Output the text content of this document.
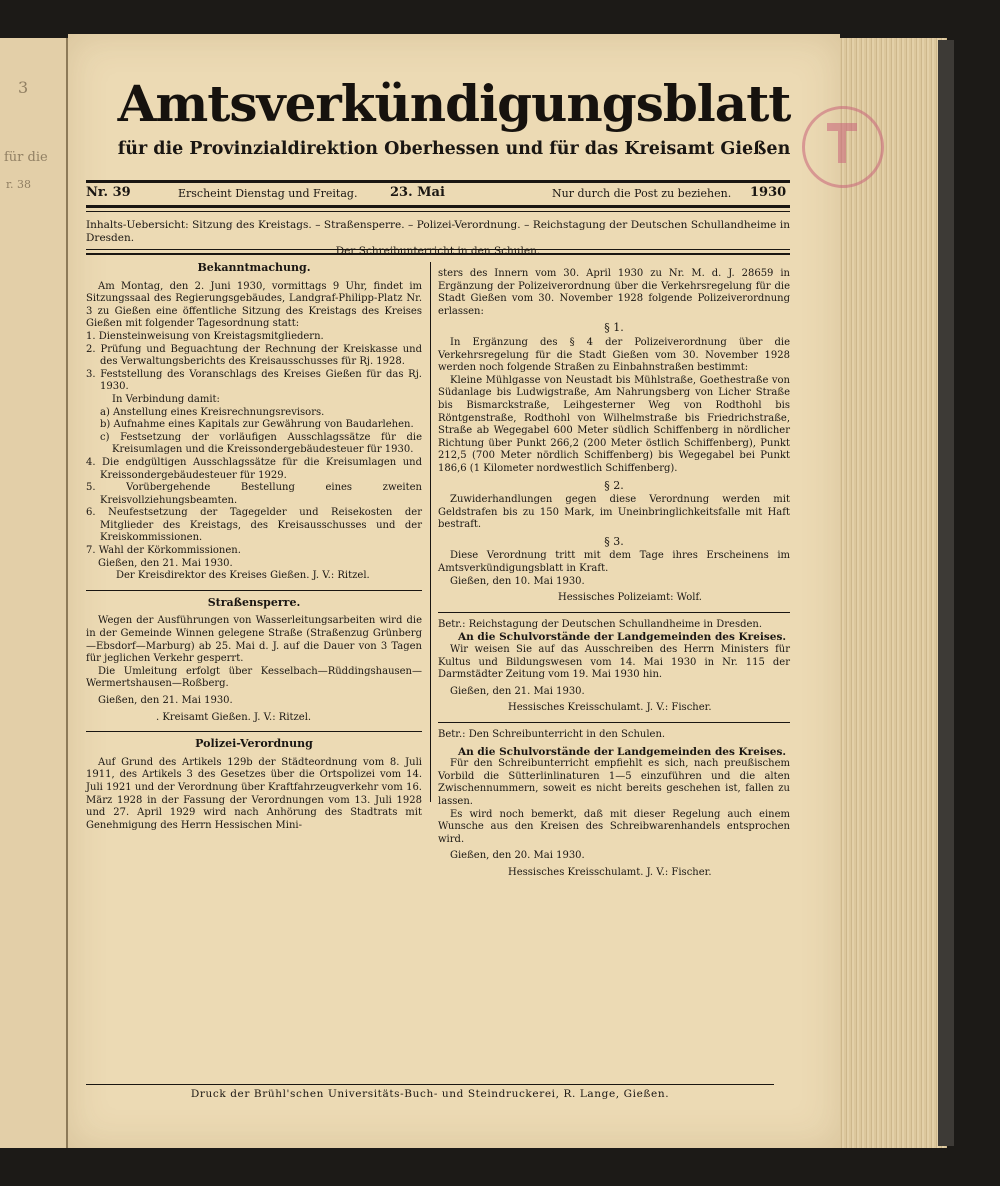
3
für die
r. 38
Amtsverkündigungsblatt
für die Provinzialdirektion Oberhessen und für das Kreisamt Gießen
Nr. 39	Erscheint Dienstag und Freitag.	23. Mai	Nur durch die Post zu beziehen. 1930
Inhalts-Uebersicht: Sitzung des Kreistags. – Straßensperre. – Polizei-Verordnung. – Reichstagung der Deutschen Schullandheime in Dresden.
Der Schreibunterricht in den Schulen.

Bekanntmachung.

Am Montag, den 2. Juni 1930, vormittags 9 Uhr, findet im Sitzungssaal des Regierungsgebäudes, Landgraf-Philipp-Platz Nr. 3 zu Gießen eine öffentliche Sitzung des Kreistags des Kreises Gießen mit folgender Tagesordnung statt:

1. Diensteinweisung von Kreistagsmitgliedern.

2. Prüfung und Beguachtung der Rechnung der Kreiskasse und des Verwaltungsberichts des Kreisausschusses für Rj. 1928.

3. Feststellung des Voranschlags des Kreises Gießen für das Rj. 1930.

In Verbindung damit:

a) Anstellung eines Kreisrechnungsrevisors.

b) Aufnahme eines Kapitals zur Gewährung von Baudarlehen.

c) Festsetzung der vorläufigen Ausschlagssätze für die Kreisumlagen und die Kreissondergebäudesteuer für 1930.

4. Die endgültigen Ausschlagssätze für die Kreisumlagen und Kreissondergebäudesteuer für 1929.

5. Vorübergehende Bestellung eines zweiten Kreisvollziehungsbeamten.

6. Neufestsetzung der Tagegelder und Reisekosten der Mitglieder des Kreistags, des Kreisausschusses und der Kreiskommissionen.

7. Wahl der Körkommissionen.

Gießen, den 21. Mai 1930.

Der Kreisdirektor des Kreises Gießen. J. V.: Ritzel.

Straßensperre.

Wegen der Ausführungen von Wasserleitungsarbeiten wird die in der Gemeinde Winnen gelegene Straße (Straßenzug Grünberg—Ebsdorf—Marburg) ab 25. Mai d. J. auf die Dauer von 3 Tagen für jeglichen Verkehr gesperrt.

Die Umleitung erfolgt über Kesselbach—Rüddingshausen—Wermertshausen—Roßberg.

Gießen, den 21. Mai 1930.

. Kreisamt Gießen. J. V.: Ritzel.

Polizei-Verordnung

Auf Grund des Artikels 129b der Städteordnung vom 8. Juli 1911, des Artikels 3 des Gesetzes über die Ortspolizei vom 14. Juli 1921 und der Verordnung über Kraftfahrzeugverkehr vom 16. März 1928 in der Fassung der Verordnungen vom 13. Juli 1928 und 27. April 1929 wird nach Anhörung des Stadtrats mit Genehmigung des Herrn Hessischen Mini-

sters des Innern vom 30. April 1930 zu Nr. M. d. J. 28659 in Ergänzung der Polizeiverordnung über die Verkehrsregelung für die Stadt Gießen vom 30. November 1928 folgende Polizeiverordnung erlassen:

§ 1.

In Ergänzung des § 4 der Polizeiverordnung über die Verkehrsregelung für die Stadt Gießen vom 30. November 1928 werden noch folgende Straßen zu Einbahnstraßen bestimmt:

Kleine Mühlgasse von Neustadt bis Mühlstraße, Goethestraße von Südanlage bis Ludwigstraße, Am Nahrungsberg von Licher Straße bis Bismarckstraße, Leihgesterner Weg von Rodthohl bis Röntgenstraße, Rodthohl von Wilhelmstraße bis Friedrichstraße, Straße ab Wegegabel 600 Meter südlich Schiffenberg in nördlicher Richtung über Punkt 266,2 (200 Meter östlich Schiffenberg), Punkt 212,5 (700 Meter nördlich Schiffenberg) bis Wegegabel bei Punkt 186,6 (1 Kilometer nordwestlich Schiffenberg).

§ 2.

Zuwiderhandlungen gegen diese Verordnung werden mit Geldstrafen bis zu 150 Mark, im Uneinbringlichkeitsfalle mit Haft bestraft.

§ 3.

Diese Verordnung tritt mit dem Tage ihres Erscheinens im Amtsverkündigungsblatt in Kraft.

Gießen, den 10. Mai 1930.

Hessisches Polizeiamt: Wolf.

Betr.: Reichstagung der Deutschen Schullandheime in Dresden.

An die Schulvorstände der Landgemeinden des Kreises.

Wir weisen Sie auf das Ausschreiben des Herrn Ministers für Kultus und Bildungswesen vom 14. Mai 1930 in Nr. 115 der Darmstädter Zeitung vom 19. Mai 1930 hin.

Gießen, den 21. Mai 1930.

Hessisches Kreisschulamt. J. V.: Fischer.

Betr.: Den Schreibunterricht in den Schulen.

An die Schulvorstände der Landgemeinden des Kreises.

Für den Schreibunterricht empfiehlt es sich, nach preußischem Vorbild die Sütterlinlinaturen 1—5 einzuführen und die alten Zwischennummern, soweit es nicht bereits geschehen ist, fallen zu lassen.

Es wird noch bemerkt, daß mit dieser Regelung auch einem Wunsche aus den Kreisen des Schreibwarenhandels entsprochen wird.

Gießen, den 20. Mai 1930.

Hessisches Kreisschulamt. J. V.: Fischer.

Druck der Brühl'schen Universitäts-Buch- und Steindruckerei, R. Lange, Gießen.
